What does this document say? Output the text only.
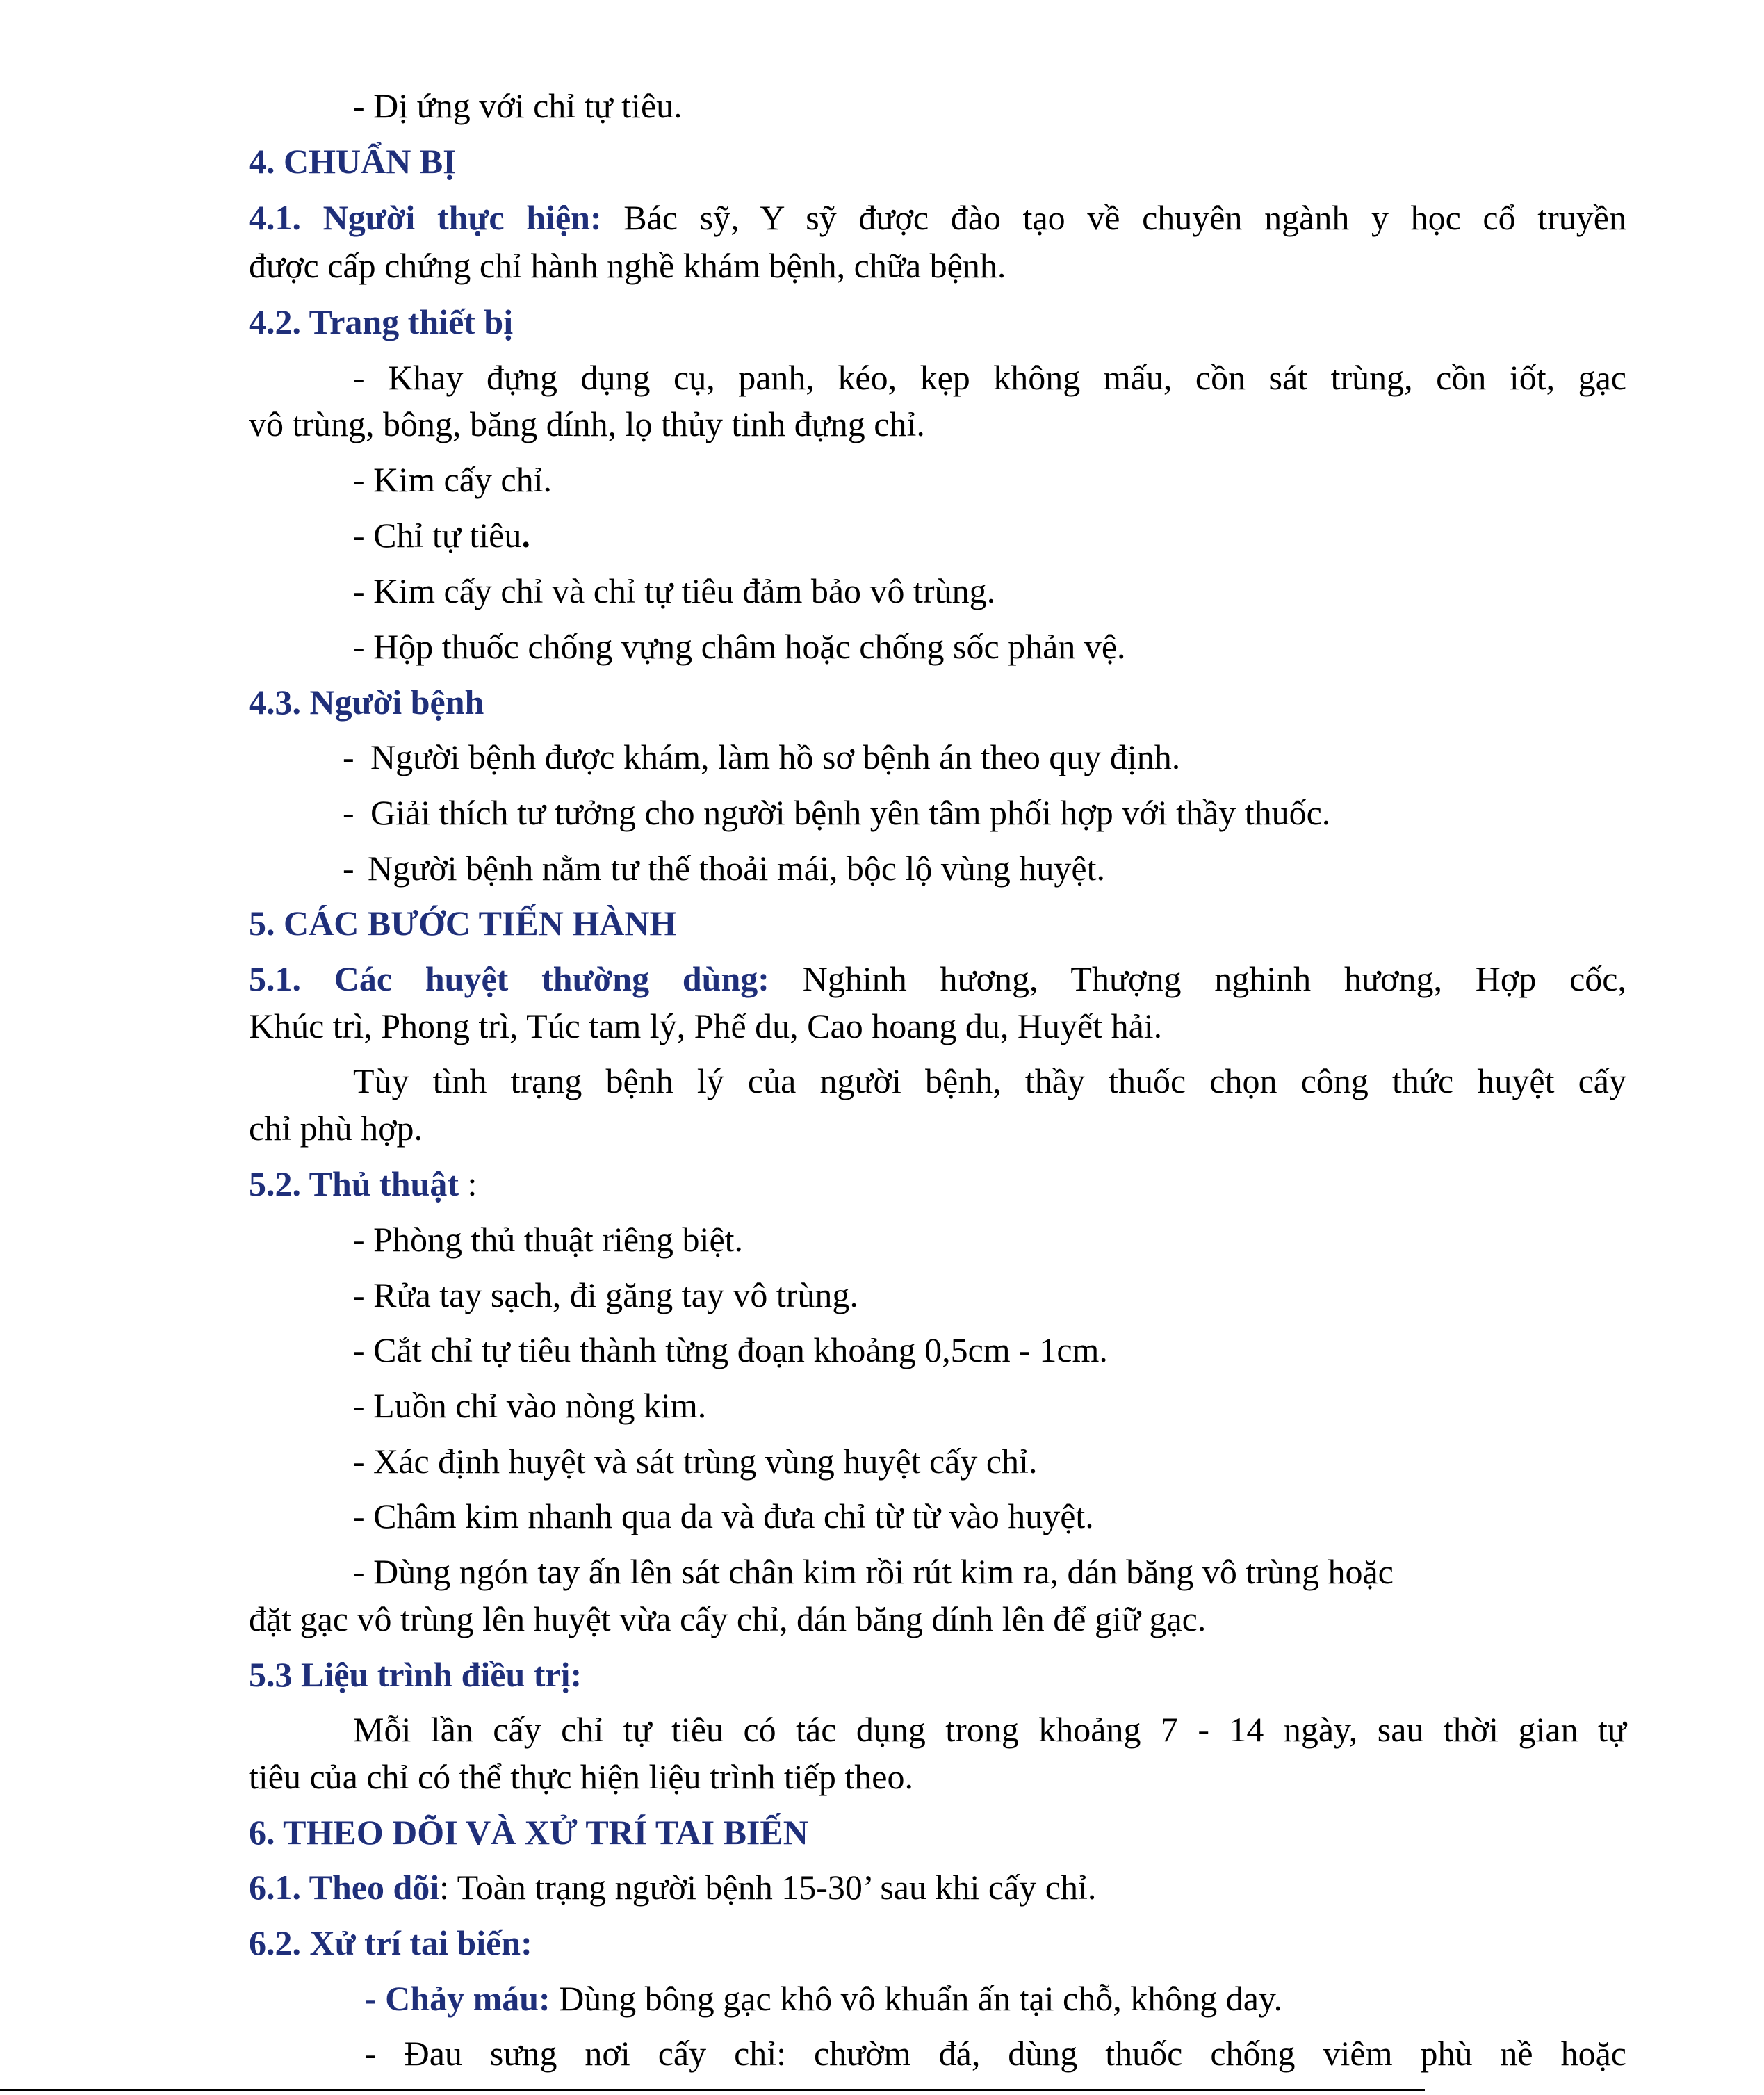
- Dị ứng với chỉ tự tiêu.
4. CHUẨN BỊ
4.1. Người thực hiện: Bác sỹ, Y sỹ được đào tạo về chuyên ngành y học cổ truyền
được cấp chứng chỉ hành nghề khám bệnh, chữa bệnh.
4.2. Trang thiết bị
- Khay đựng dụng cụ, panh, kéo, kẹp không mấu, cồn sát trùng, cồn iốt, gạc
vô trùng, bông, băng dính, lọ thủy tinh đựng chỉ.
- Kim cấy chỉ.
- Chỉ tự tiêu.
- Kim cấy chỉ và chỉ tự tiêu đảm bảo vô trùng.
- Hộp thuốc chống vựng châm hoặc chống sốc phản vệ.
4.3. Người bệnh
- Người bệnh được khám, làm hồ sơ bệnh án theo quy định.
- Giải thích tư tưởng cho người bệnh yên tâm phối hợp với thầy thuốc.
- Người bệnh nằm tư thế thoải mái, bộc lộ vùng huyệt.
5. CÁC BƯỚC TIẾN HÀNH
5.1. Các huyệt thường dùng: Nghinh hương, Thượng nghinh hương, Hợp cốc,
Khúc trì, Phong trì, Túc tam lý, Phế du, Cao hoang du, Huyết hải.
Tùy tình trạng bệnh lý của người bệnh, thầy thuốc chọn công thức huyệt cấy
chỉ phù hợp.
5.2. Thủ thuật :
- Phòng thủ thuật riêng biệt.
- Rửa tay sạch, đi găng tay vô trùng.
- Cắt chỉ tự tiêu thành từng đoạn khoảng 0,5cm - 1cm.
- Luồn chỉ vào nòng kim.
- Xác định huyệt và sát trùng vùng huyệt cấy chỉ.
- Châm kim nhanh qua da và đưa chỉ từ từ vào huyệt.
- Dùng ngón tay ấn lên sát chân kim rồi rút kim ra, dán băng vô trùng hoặc
đặt gạc vô trùng lên huyệt vừa cấy chỉ, dán băng dính lên để giữ gạc.
5.3 Liệu trình điều trị:
Mỗi lần cấy chỉ tự tiêu có tác dụng trong khoảng 7 - 14 ngày, sau thời gian tự
tiêu của chỉ có thể thực hiện liệu trình tiếp theo.
6. THEO DÕI VÀ XỬ TRÍ TAI BIẾN
6.1. Theo dõi: Toàn trạng người bệnh 15-30’ sau khi cấy chỉ.
6.2. Xử trí tai biến:
- Chảy máu: Dùng bông gạc khô vô khuẩn ấn tại chỗ, không day.
- Đau sưng nơi cấy chỉ: chườm đá, dùng thuốc chống viêm phù nề hoặc
